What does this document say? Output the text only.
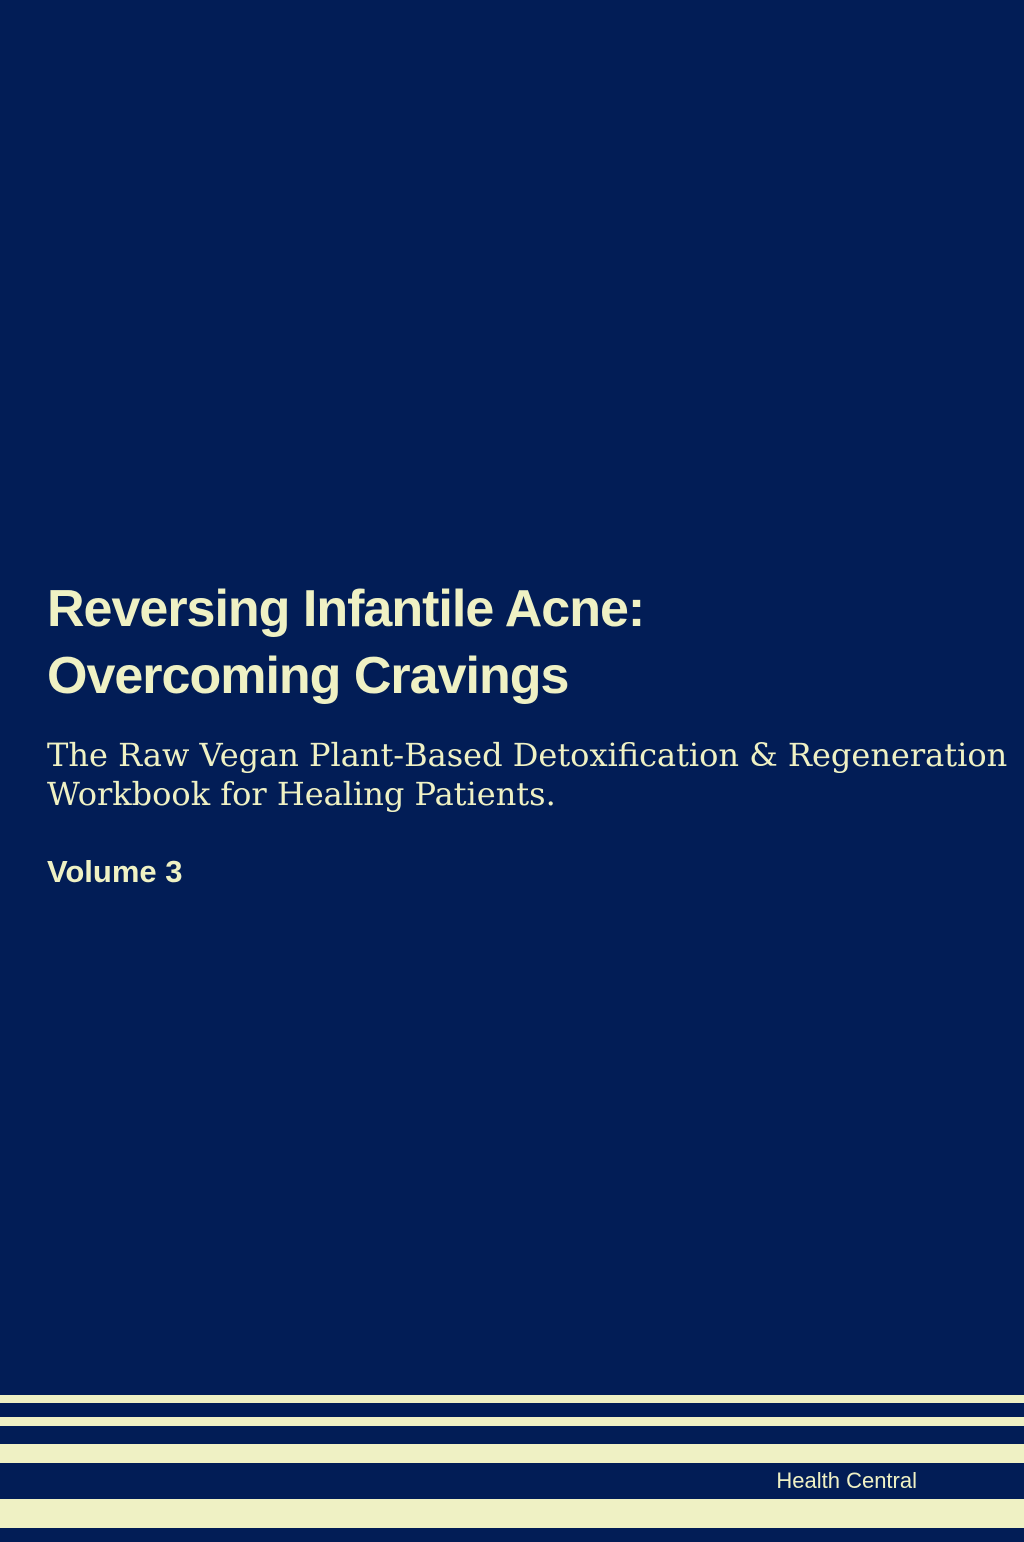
Reversing Infantile Acne:
Overcoming Cravings
The Raw Vegan Plant-Based Detoxification & Regeneration
Workbook for Healing Patients.
Volume 3
Health Central
